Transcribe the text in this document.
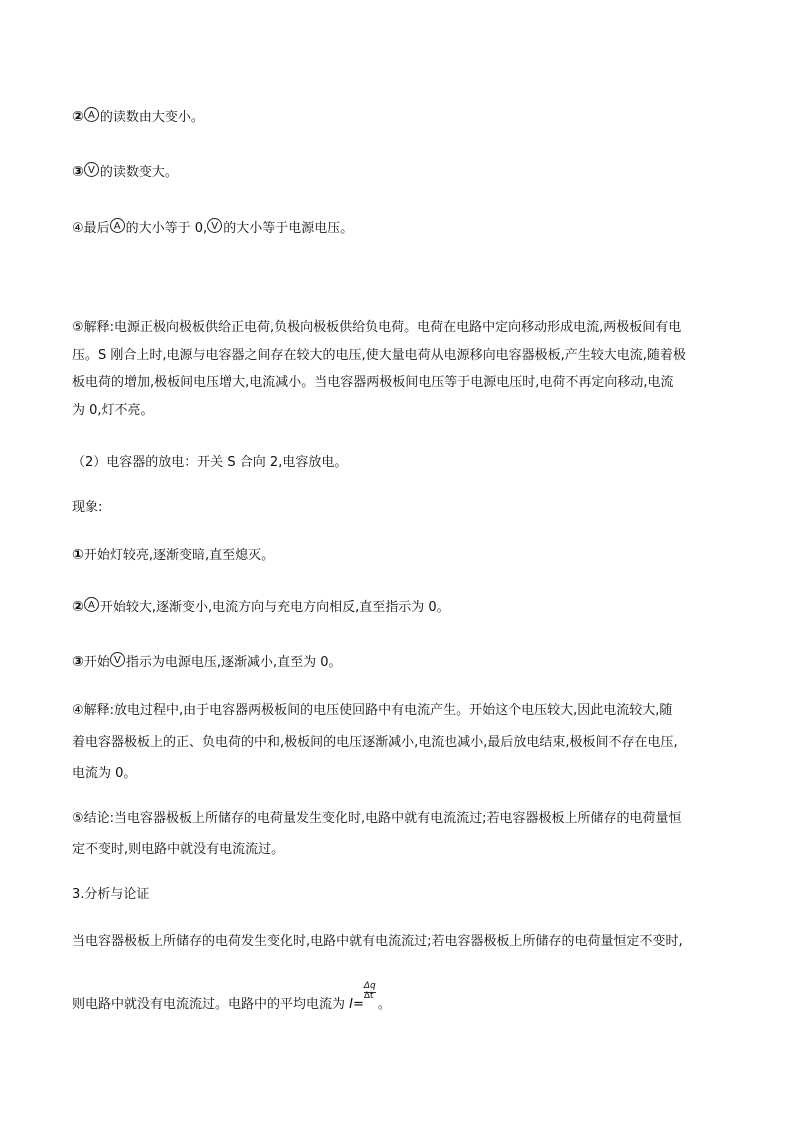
② A 的读数由大变小。
③ V 的读数变大。
④最后 A 的大小等于 0, V 的大小等于电源电压。
⑤解释:电源正极向极板供给正电荷,负极向极板供给负电荷。电荷在电路中定向移动形成电流,两极板间有电
压。S 刚合上时,电源与电容器之间存在较大的电压,使大量电荷从电源移向电容器极板,产生较大电流,随着极
板电荷的增加,极板间电压增大,电流减小。当电容器两极板间电压等于电源电压时,电荷不再定向移动,电流
为 0,灯不亮。
（2）电容器的放电：开关 S 合向 2,电容放电。
现象:
①开始灯较亮,逐渐变暗,直至熄灭。
② A 开始较大,逐渐变小,电流方向与充电方向相反,直至指示为 0。
③开始 V 指示为电源电压,逐渐减小,直至为 0。
④解释:放电过程中,由于电容器两极板间的电压使回路中有电流产生。开始这个电压较大,因此电流较大,随
着电容器极板上的正、负电荷的中和,极板间的电压逐渐减小,电流也减小,最后放电结束,极板间不存在电压,
电流为 0。
⑤结论:当电容器极板上所储存的电荷量发生变化时,电路中就有电流流过;若电容器极板上所储存的电荷量恒
定不变时,则电路中就没有电流流过。
3.分析与论证
当电容器极板上所储存的电荷发生变化时,电路中就有电流流过;若电容器极板上所储存的电荷量恒定不变时,
则电路中就没有电流流过。电路中的平均电流为 $I= \frac{\Delta q}{\Delta t}$ 。
